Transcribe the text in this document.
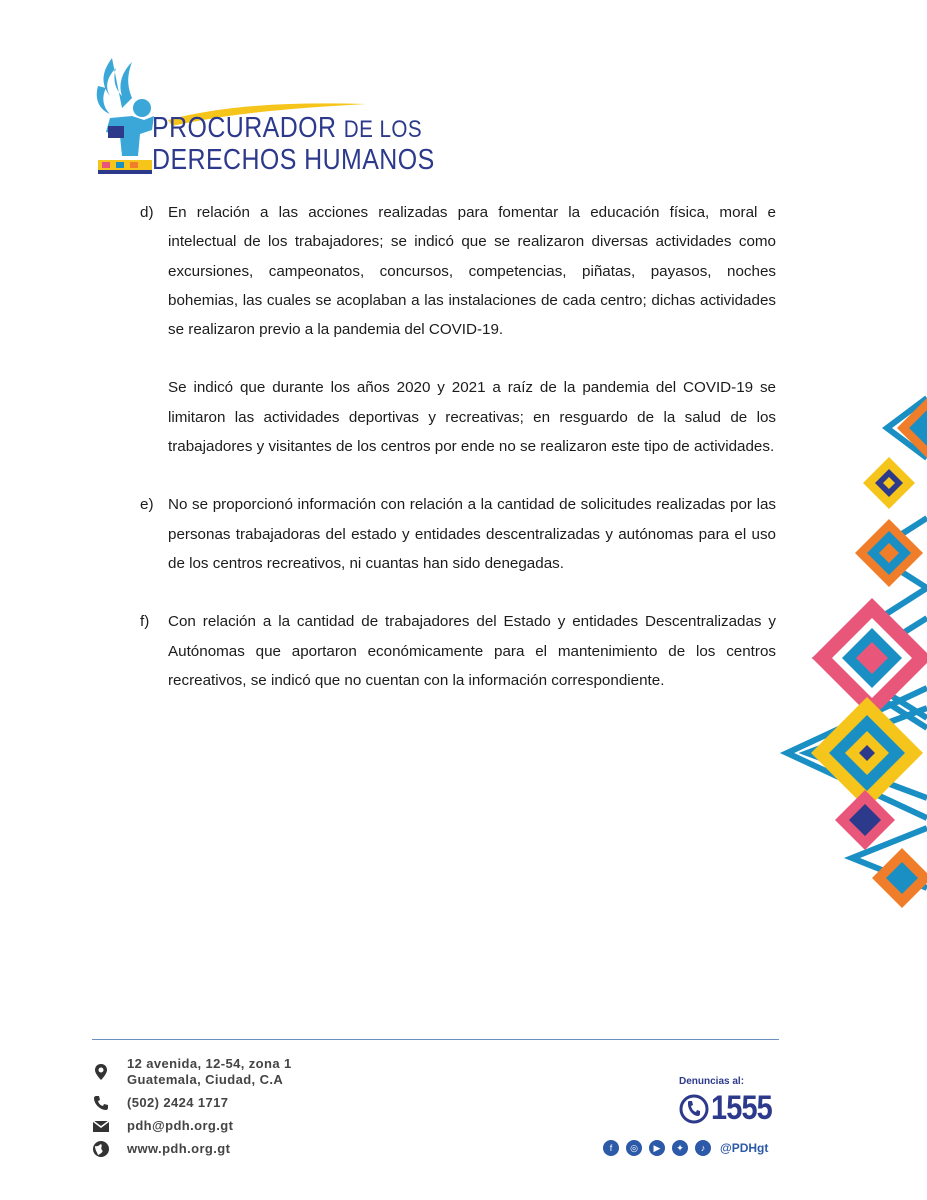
PROCURADOR DE LOS
DERECHOS HUMANOS
d) En relación a las acciones realizadas para fomentar la educación física, moral e intelectual de los trabajadores; se indicó que se realizaron diversas actividades como excursiones, campeonatos, concursos, competencias, piñatas, payasos, noches bohemias, las cuales se acoplaban a las instalaciones de cada centro; dichas actividades se realizaron previo a la pandemia del COVID-19.
Se indicó que durante los años 2020 y 2021 a raíz de la pandemia del COVID-19 se limitaron las actividades deportivas y recreativas; en resguardo de la salud de los trabajadores y visitantes de los centros por ende no se realizaron este tipo de actividades.
e) No se proporcionó información con relación a la cantidad de solicitudes realizadas por las personas trabajadoras del estado y entidades descentralizadas y autónomas para el uso de los centros recreativos, ni cuantas han sido denegadas.
f) Con relación a la cantidad de trabajadores del Estado y entidades Descentralizadas y Autónomas que aportaron económicamente para el mantenimiento de los centros recreativos, se indicó que no cuentan con la información correspondiente.
12 avenida, 12-54, zona 1
Guatemala, Ciudad, C.A
(502) 2424 1717
pdh@pdh.org.gt
www.pdh.org.gt
Denuncias al:
1555
f	◎	▶	✦	♪	@PDHgt
